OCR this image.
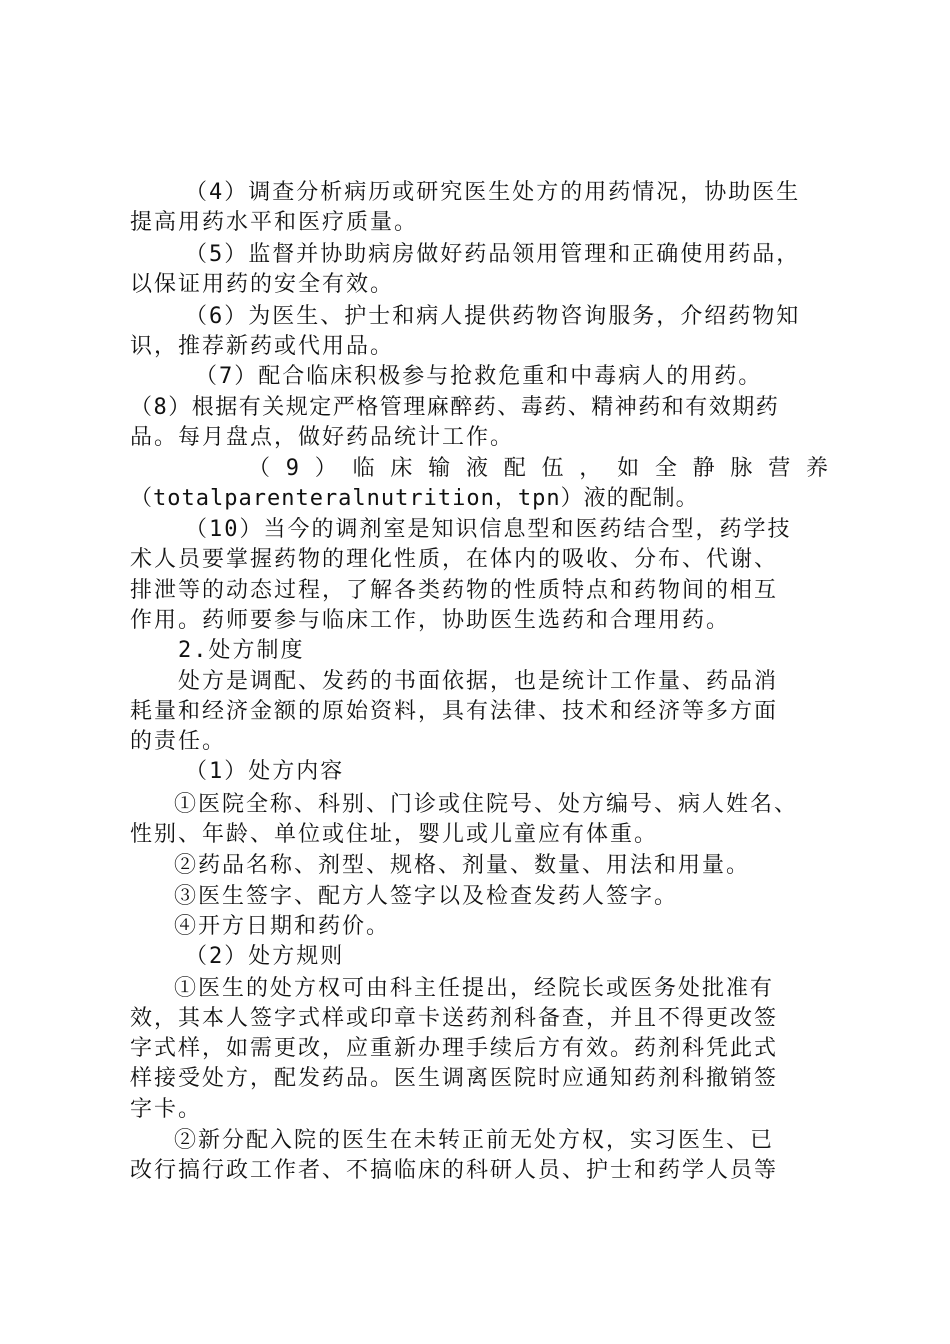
（4）调查分析病历或研究医生处方的用药情况，协助医生
提高用药水平和医疗质量。
（5）监督并协助病房做好药品领用管理和正确使用药品，
以保证用药的安全有效。
（6）为医生、护士和病人提供药物咨询服务，介绍药物知
识，推荐新药或代用品。
（7）配合临床积极参与抢救危重和中毒病人的用药。
（8）根据有关规定严格管理麻醉药、毒药、精神药和有效期药
品。每月盘点，做好药品统计工作。
（9）临床输液配伍，如全静脉营养
（totalparenteralnutrition，tpn）液的配制。
（10）当今的调剂室是知识信息型和医药结合型，药学技
术人员要掌握药物的理化性质，在体内的吸收、分布、代谢、
排泄等的动态过程，了解各类药物的性质特点和药物间的相互
作用。药师要参与临床工作，协助医生选药和合理用药。
2.处方制度
处方是调配、发药的书面依据，也是统计工作量、药品消
耗量和经济金额的原始资料，具有法律、技术和经济等多方面
的责任。
（1）处方内容
①医院全称、科别、门诊或住院号、处方编号、病人姓名、
性别、年龄、单位或住址，婴儿或儿童应有体重。
②药品名称、剂型、规格、剂量、数量、用法和用量。
③医生签字、配方人签字以及检查发药人签字。
④开方日期和药价。
（2）处方规则
①医生的处方权可由科主任提出，经院长或医务处批准有
效，其本人签字式样或印章卡送药剂科备查，并且不得更改签
字式样，如需更改，应重新办理手续后方有效。药剂科凭此式
样接受处方，配发药品。医生调离医院时应通知药剂科撤销签
字卡。
②新分配入院的医生在未转正前无处方权，实习医生、已
改行搞行政工作者、不搞临床的科研人员、护士和药学人员等
